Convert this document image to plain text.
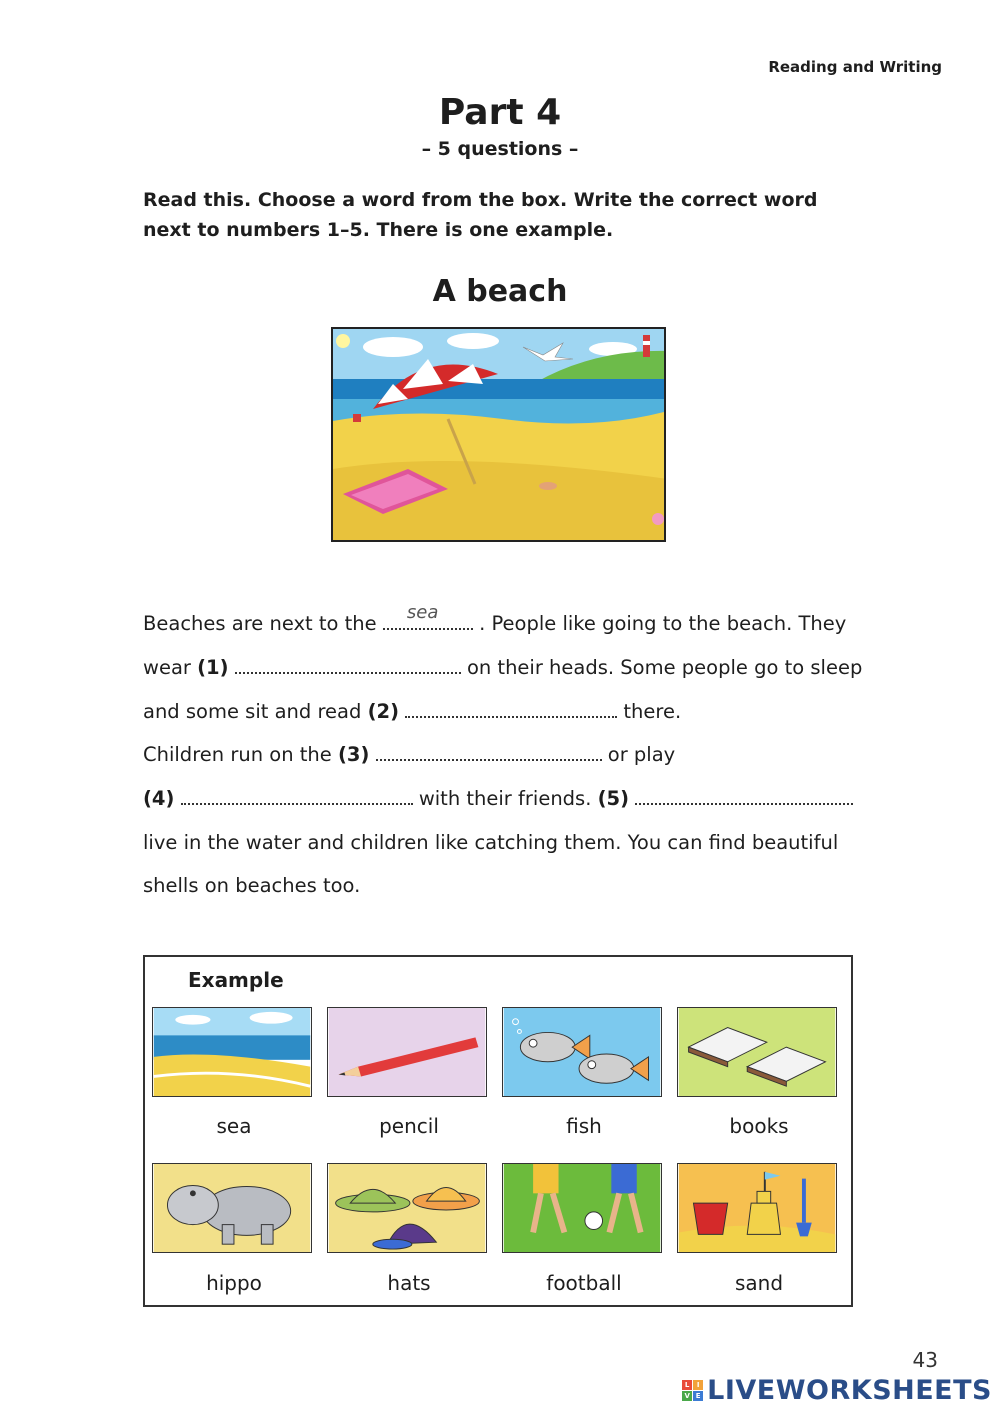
Reading and Writing
Part 4
– 5 questions –
Read this. Choose a word from the box. Write the correct word next to numbers 1–5. There is one example.
A beach
Beaches are next to the sea . People like going to the beach. They
wear (1)	on their heads. Some people go to sleep
and some sit and read (2)	there.
Children run on the (3)	or play
(4)	with their friends. (5)
live in the water and children like catching them. You can find beautiful
shells on beaches too.
Example
sea	pencil	fish	books
hippo	hats	football	sand
43
L	I
V E LIVEWORKSHEETS
